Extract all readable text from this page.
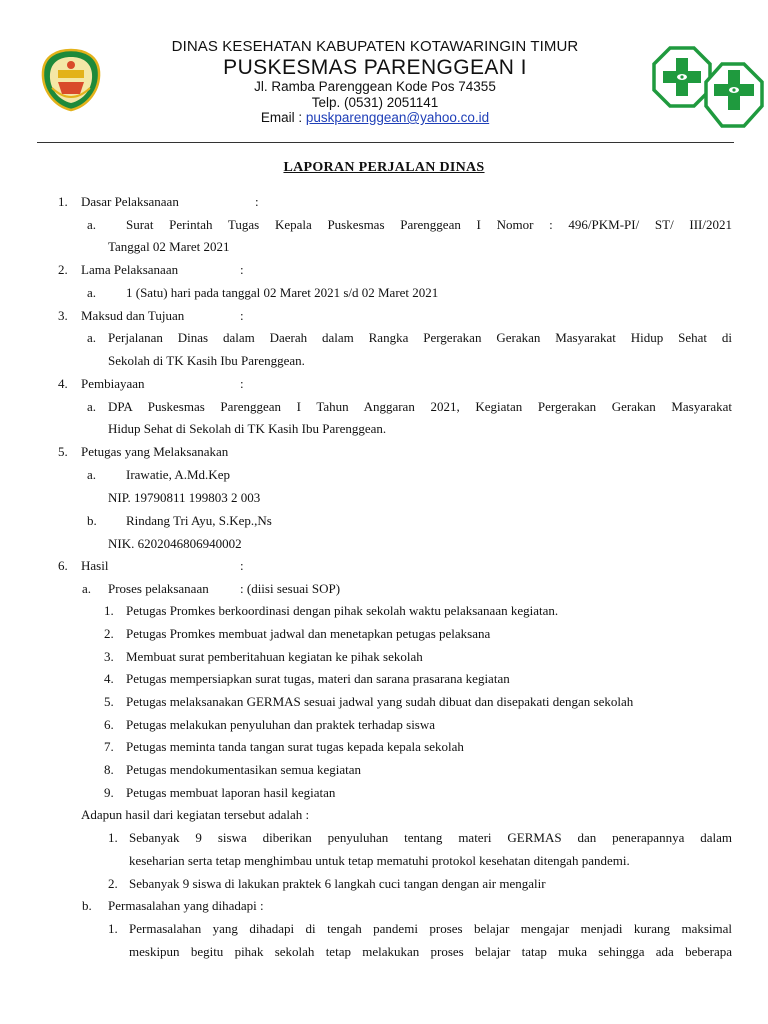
DINAS KESEHATAN KABUPATEN KOTAWARINGIN TIMUR
PUSKESMAS PARENGGEAN I
Jl. Ramba Parenggean Kode Pos 74355
Telp. (0531) 2051141
Email : puskparenggean@yahoo.co.id
LAPORAN PERJALAN DINAS
1. Dasar Pelaksanaan	:
a. Surat Perintah Tugas Kepala Puskesmas Parenggean I Nomor : 496/PKM-PI/ ST/ III/2021
Tanggal 02 Maret 2021
2. Lama Pelaksanaan	:
a. 1 (Satu) hari pada tanggal 02 Maret 2021 s/d 02 Maret 2021
3. Maksud dan Tujuan	:
a. Perjalanan Dinas dalam Daerah dalam Rangka Pergerakan Gerakan Masyarakat Hidup Sehat di
Sekolah di TK Kasih Ibu Parenggean.
4. Pembiayaan	:
a. DPA Puskesmas Parenggean I Tahun Anggaran 2021, Kegiatan Pergerakan Gerakan Masyarakat
Hidup Sehat di Sekolah di TK Kasih Ibu Parenggean.
5. Petugas yang Melaksanakan
a. Irawatie, A.Md.Kep
NIP. 19790811 199803 2 003
b. Rindang Tri Ayu, S.Kep.,Ns
NIK. 6202046806940002
6. Hasil	:
a. Proses pelaksanaan : (diisi sesuai SOP)
1. Petugas Promkes berkoordinasi dengan pihak sekolah waktu pelaksanaan kegiatan.
2. Petugas Promkes membuat jadwal dan menetapkan petugas pelaksana
3. Membuat surat pemberitahuan kegiatan ke pihak sekolah
4. Petugas mempersiapkan surat tugas, materi dan sarana prasarana kegiatan
5. Petugas melaksanakan GERMAS sesuai jadwal yang sudah dibuat dan disepakati dengan sekolah
6. Petugas melakukan penyuluhan dan praktek terhadap siswa
7. Petugas meminta tanda tangan surat tugas kepada kepala sekolah
8. Petugas mendokumentasikan semua kegiatan
9. Petugas membuat laporan hasil kegiatan
Adapun hasil dari kegiatan tersebut adalah :
1. Sebanyak 9 siswa diberikan penyuluhan tentang materi GERMAS dan penerapannya dalam
keseharian serta tetap menghimbau untuk tetap mematuhi protokol kesehatan ditengah pandemi.
2. Sebanyak 9 siswa di lakukan praktek 6 langkah cuci tangan dengan air mengalir
b. Permasalahan yang dihadapi :
1. Permasalahan yang dihadapi di tengah pandemi proses belajar mengajar menjadi kurang maksimal
meskipun begitu pihak sekolah tetap melakukan proses belajar tatap muka sehingga ada beberapa
